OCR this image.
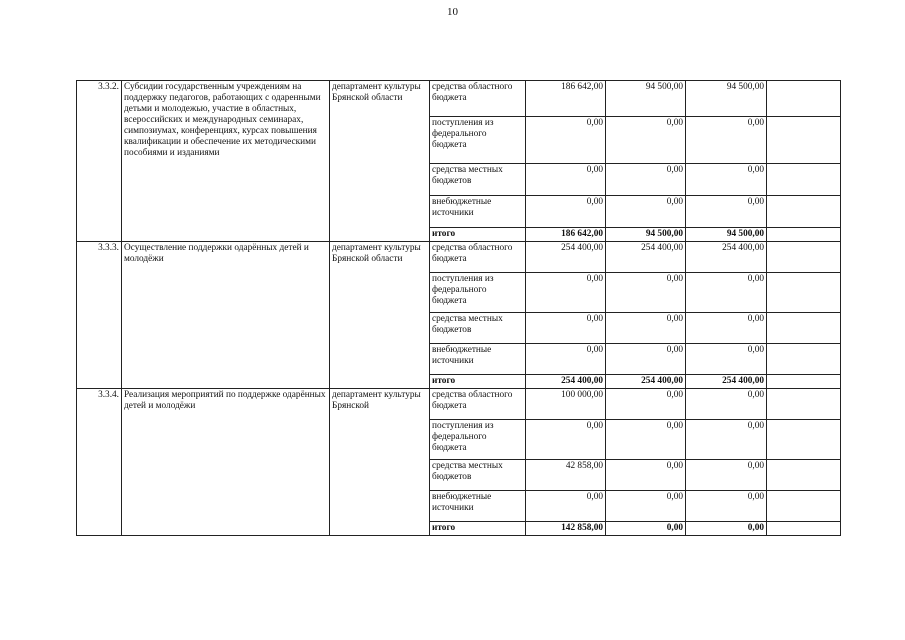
10
3.3.2.	Субсидии государственным учреждениям на поддержку педагогов, работающих с одаренными детьми и молодежью, участие в областных, всероссийских и международных семинарах, симпозиумах, конференциях, курсах повышения квалификации и обеспечение их методическими пособиями и изданиями	департамент культуры Брянской области	средства областного бюджета	186 642,00	94 500,00	94 500,00	
			поступления из федерального бюджета	0,00	0,00	0,00	
			средства местных бюджетов	0,00	0,00	0,00	
			внебюджетные источники	0,00	0,00	0,00	
			итого	186 642,00	94 500,00	94 500,00	
3.3.3.	Осуществление поддержки одарённых детей и молодёжи	департамент культуры Брянской области	средства областного бюджета	254 400,00	254 400,00	254 400,00	
			поступления из федерального бюджета	0,00	0,00	0,00	
			средства местных бюджетов	0,00	0,00	0,00	
			внебюджетные источники	0,00	0,00	0,00	
			итого	254 400,00	254 400,00	254 400,00	
3.3.4.	Реализация мероприятий по поддержке одарённых детей и молодёжи	департамент культуры Брянской	средства областного бюджета	100 000,00	0,00	0,00	
			поступления из федерального бюджета	0,00	0,00	0,00	
			средства местных бюджетов	42 858,00	0,00	0,00	
			внебюджетные источники	0,00	0,00	0,00	
			итого	142 858,00	0,00	0,00	
